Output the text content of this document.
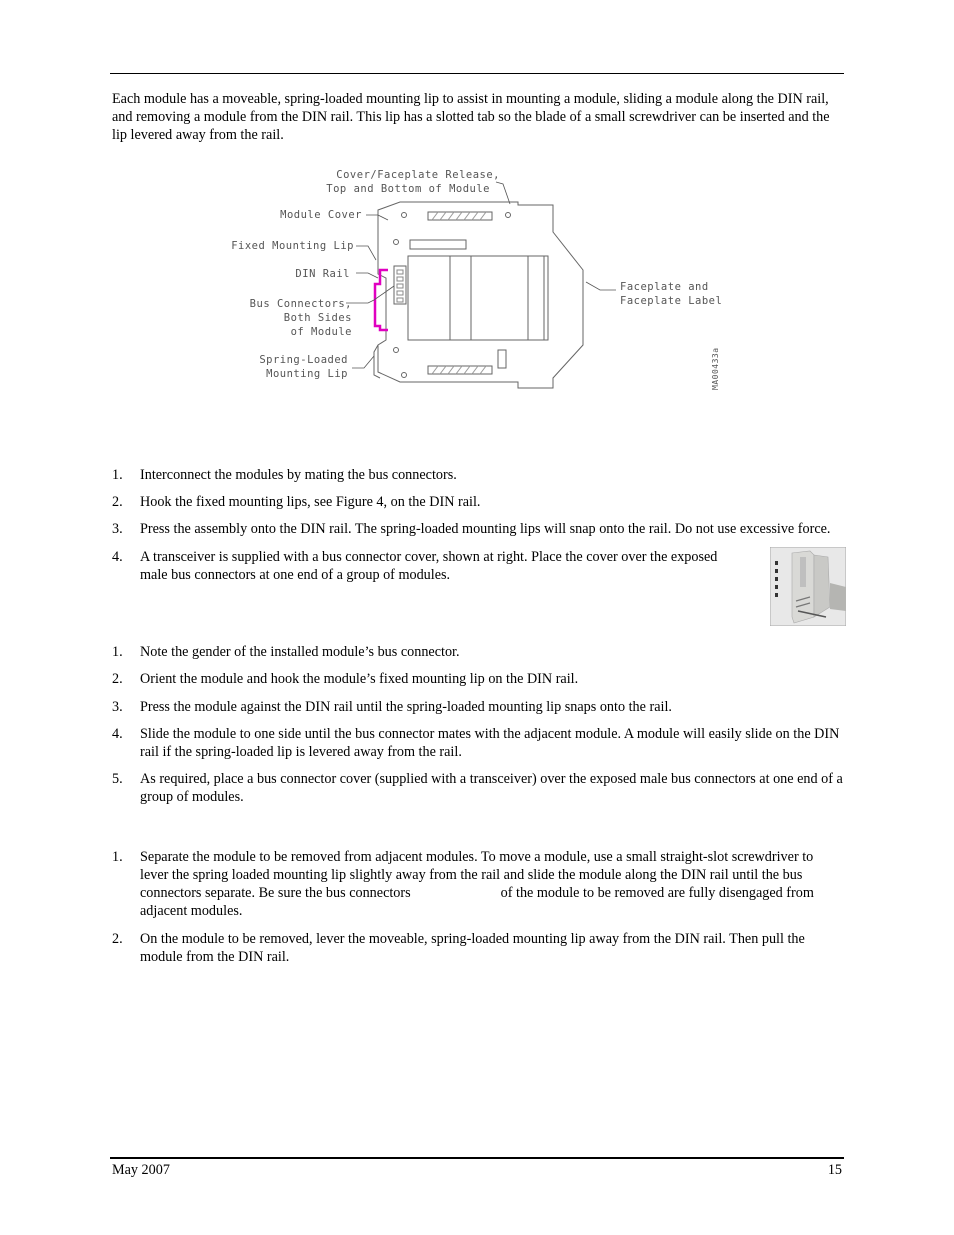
Each module has a moveable, spring-loaded mounting lip to assist in mounting a module, sliding a module along the DIN rail, and removing a module from the DIN rail. This lip has a slotted tab so the blade of a small screwdriver can be inserted and the lip levered away from the rail.

Cover/Faceplate Release,
Top and Bottom of Module
Module Cover
Fixed Mounting Lip
DIN Rail
Bus Connectors,
Both Sides
of Module
Spring-Loaded
Mounting Lip
Faceplate and
Faceplate Label
MA00433a
1. Interconnect the modules by mating the bus connectors.
2. Hook the fixed mounting lips, see Figure 4, on the DIN rail.
3. Press the assembly onto the DIN rail. The spring-loaded mounting lips will snap onto the rail. Do not use excessive force.
4. A transceiver is supplied with a bus connector cover, shown at right. Place the cover over the exposed male bus connectors at one end of a group of modules.
1. Note the gender of the installed module’s bus connector.
2. Orient the module and hook the module’s fixed mounting lip on the DIN rail.
3. Press the module against the DIN rail until the spring-loaded mounting lip snaps onto the rail.
4. Slide the module to one side until the bus connector mates with the adjacent module. A module will easily slide on the DIN rail if the spring-loaded lip is levered away from the rail.
5. As required, place a bus connector cover (supplied with a transceiver) over the exposed male bus connectors at one end of a group of modules.
1. Separate the module to be removed from adjacent modules. To move a module, use a small straight-slot screwdriver to lever the spring loaded mounting lip slightly away from the rail and slide the module along the DIN rail until the bus connectors separate. Be sure the bus connectors	of the module to be removed are fully disengaged from adjacent modules.
2. On the module to be removed, lever the moveable, spring-loaded mounting lip away from the DIN rail. Then pull the module from the DIN rail.
May 2007	15
